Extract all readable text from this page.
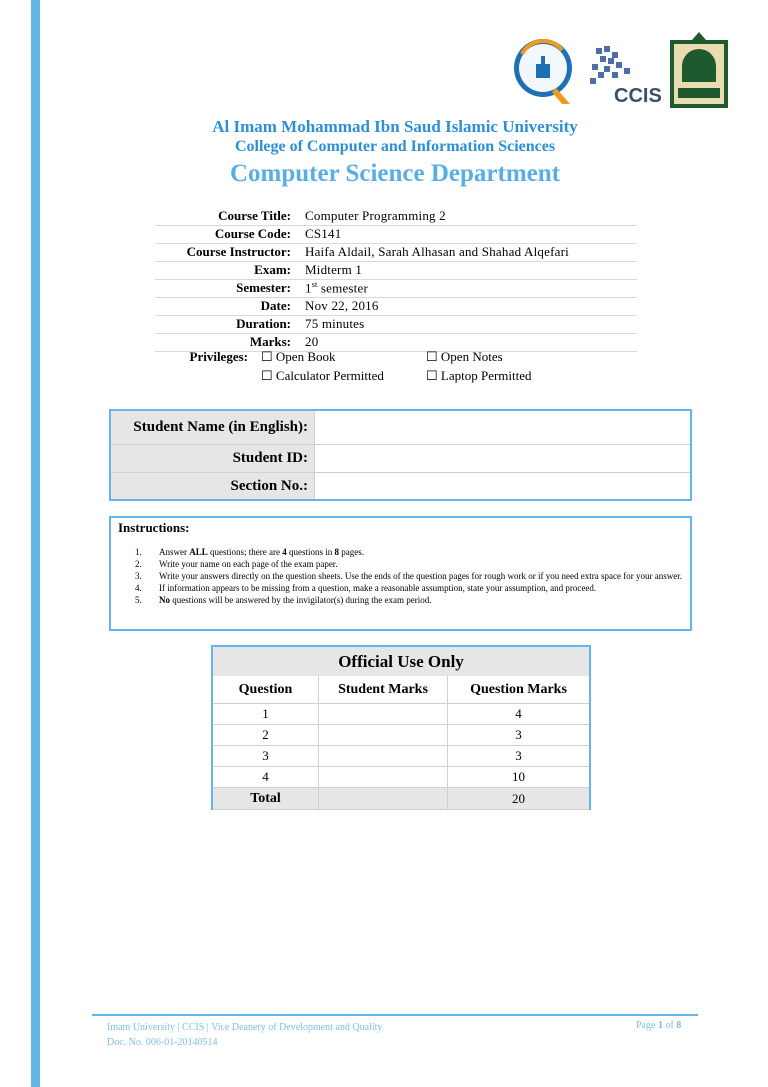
CCIS
Al Imam Mohammad Ibn Saud Islamic University
College of Computer and Information Sciences
Computer Science Department
Course Title:	Computer Programming 2
Course Code:	CS141
Course Instructor:	Haifa Aldail, Sarah Alhasan and Shahad Alqefari
Exam:	Midterm 1
Semester:	1st semester
Date:	Nov 22, 2016
Duration:	75 minutes
Marks:	20
Privileges: ☐ Open Book	☐ Open Notes
☐ Calculator Permitted	☐ Laptop Permitted
Student Name (in English):
Student ID:
Section No.:
Instructions:
1. Answer ALL questions; there are 4 questions in 8 pages.
2. Write your name on each page of the exam paper.
3. Write your answers directly on the question sheets. Use the ends of the question pages for rough work or if you need extra space for your answer.
4. If information appears to be missing from a question, make a reasonable assumption, state your assumption, and proceed.
5. No questions will be answered by the invigilator(s) during the exam period.
Official Use Only		
Question	Student Marks	Question Marks
1		4
2		3
3		3
4		10
Total		20
Imam University | CCIS | Vice Deanery of Development and Quality
Doc. No. 006-01-20140514
Page 1 of 8
